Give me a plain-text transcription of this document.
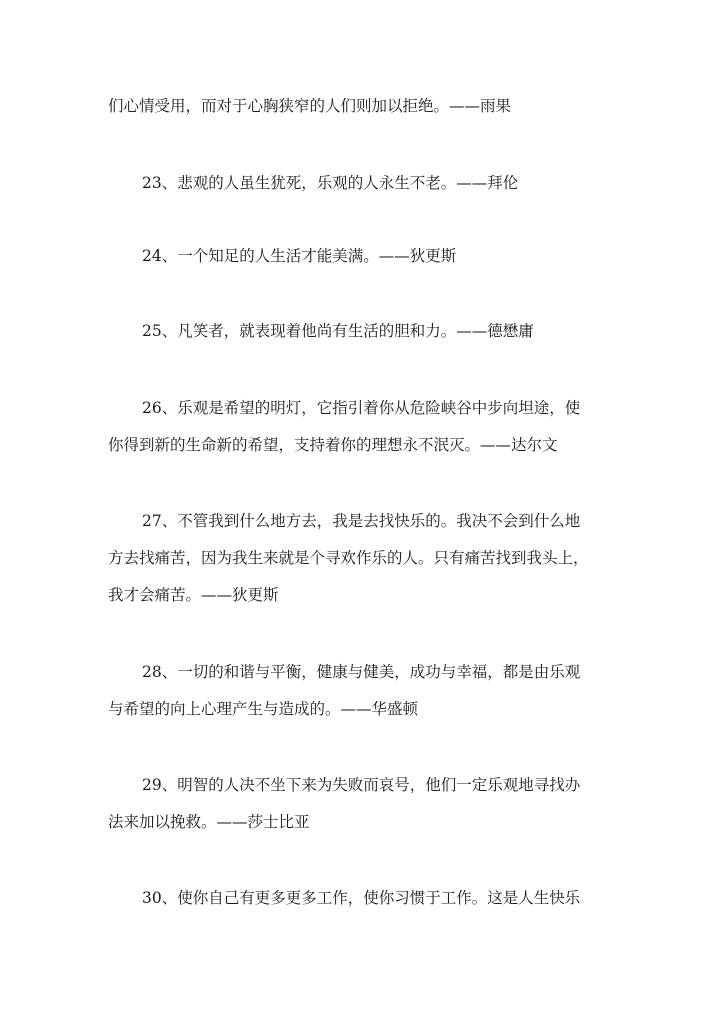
们心情受用，而对于心胸狭窄的人们则加以拒绝。——雨果

23、悲观的人虽生犹死，乐观的人永生不老。——拜伦

24、一个知足的人生活才能美满。——狄更斯

25、凡笑者，就表现着他尚有生活的胆和力。——德懋庸

26、乐观是希望的明灯，它指引着你从危险峡谷中步向坦途，使
你得到新的生命新的希望，支持着你的理想永不泯灭。——达尔文

27、不管我到什么地方去，我是去找快乐的。我决不会到什么地
方去找痛苦，因为我生来就是个寻欢作乐的人。只有痛苦找到我头上，
我才会痛苦。——狄更斯

28、一切的和谐与平衡，健康与健美，成功与幸福，都是由乐观
与希望的向上心理产生与造成的。——华盛顿

29、明智的人决不坐下来为失败而哀号，他们一定乐观地寻找办
法来加以挽救。——莎士比亚

30、使你自己有更多更多工作，使你习惯于工作。这是人生快乐
